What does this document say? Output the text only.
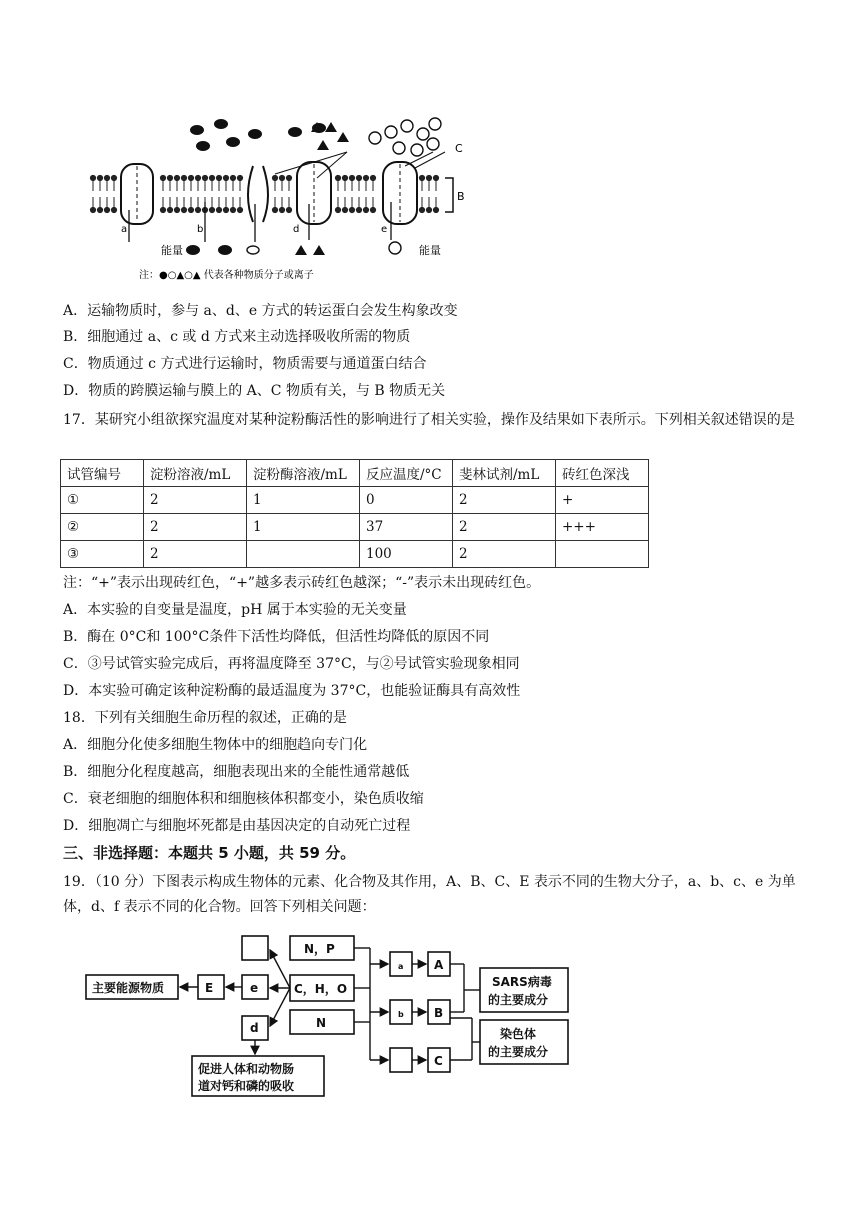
B
C
a	b	d	e
能量	能量
注：●○▲○▲ 代表各种物质分子或离子
A．运输物质时，参与 a、d、e 方式的转运蛋白会发生构象改变
B．细胞通过 a、c 或 d 方式来主动选择吸收所需的物质
C．物质通过 c 方式进行运输时，物质需要与通道蛋白结合
D．物质的跨膜运输与膜上的 A、C 物质有关，与 B 物质无关
17．某研究小组欲探究温度对某种淀粉酶活性的影响进行了相关实验，操作及结果如下表所示。下列相关叙述错误的是
试管编号	淀粉溶液/mL	淀粉酶溶液/mL	反应温度/°C	斐林试剂/mL	砖红色深浅
①	2	1	0	2	+
②	2	1	37	2	+++
③	2		100	2	
注：“+”表示出现砖红色，“+”越多表示砖红色越深；“-”表示未出现砖红色。
A．本实验的自变量是温度，pH 属于本实验的无关变量
B．酶在 0°C和 100°C条件下活性均降低，但活性均降低的原因不同
C．③号试管实验完成后，再将温度降至 37°C，与②号试管实验现象相同
D．本实验可确定该种淀粉酶的最适温度为 37°C，也能验证酶具有高效性
18．下列有关细胞生命历程的叙述，正确的是
A．细胞分化使多细胞生物体中的细胞趋向专门化
B．细胞分化程度越高，细胞表现出来的全能性通常越低
C．衰老细胞的细胞体积和细胞核体积都变小，染色质收缩
D．细胞凋亡与细胞坏死都是由基因决定的自动死亡过程
三、非选择题：本题共 5 小题，共 59 分。
19．（10 分）下图表示构成生物体的元素、化合物及其作用，A、B、C、E 表示不同的生物大分子，a、b、c、e 为单体，d、f 表示不同的化合物。回答下列相关问题：
主要能源物质	E	e
d
N，P
C，H，O
N
a	A
b	B
C
SARS病毒
的主要成分
染色体
的主要成分
促进人体和动物肠
道对钙和磷的吸收
